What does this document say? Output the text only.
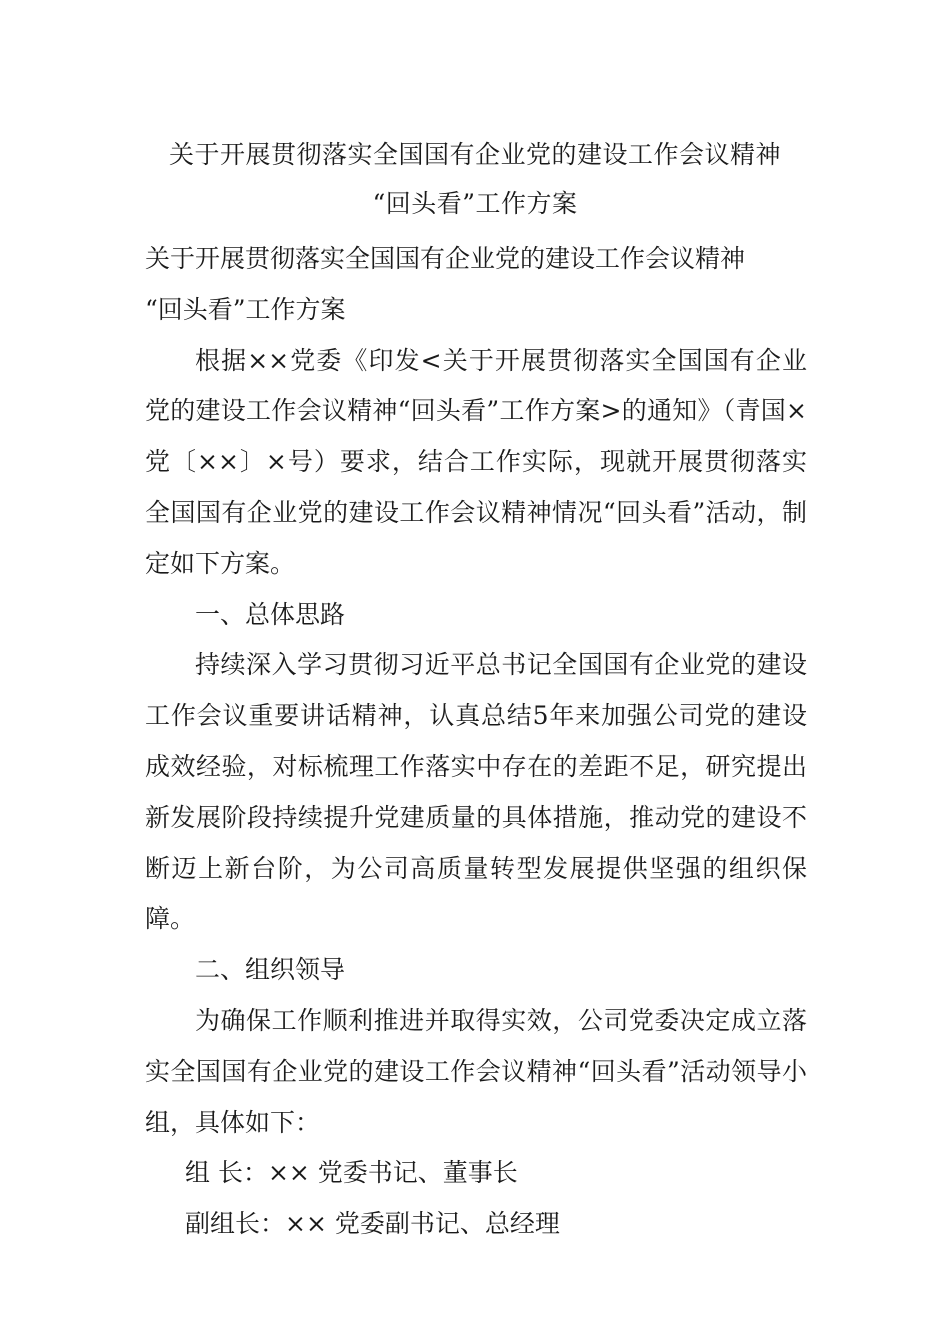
关于开展贯彻落实全国国有企业党的建设工作会议精神
“回头看”工作方案

关于开展贯彻落实全国国有企业党的建设工作会议精神

“回头看”工作方案

根据××党委《印发<关于开展贯彻落实全国国有企业党的建设工作会议精神“回头看”工作方案>的通知》（青国×党〔××〕×号）要求，结合工作实际，现就开展贯彻落实全国国有企业党的建设工作会议精神情况“回头看”活动，制定如下方案。

一、总体思路

持续深入学习贯彻习近平总书记全国国有企业党的建设工作会议重要讲话精神，认真总结5年来加强公司党的建设成效经验，对标梳理工作落实中存在的差距不足，研究提出新发展阶段持续提升党建质量的具体措施，推动党的建设不断迈上新台阶，为公司高质量转型发展提供坚强的组织保障。

二、组织领导

为确保工作顺利推进并取得实效，公司党委决定成立落实全国国有企业党的建设工作会议精神“回头看”活动领导小组，具体如下：

组 长：×× 党委书记、董事长

副组长：×× 党委副书记、总经理
